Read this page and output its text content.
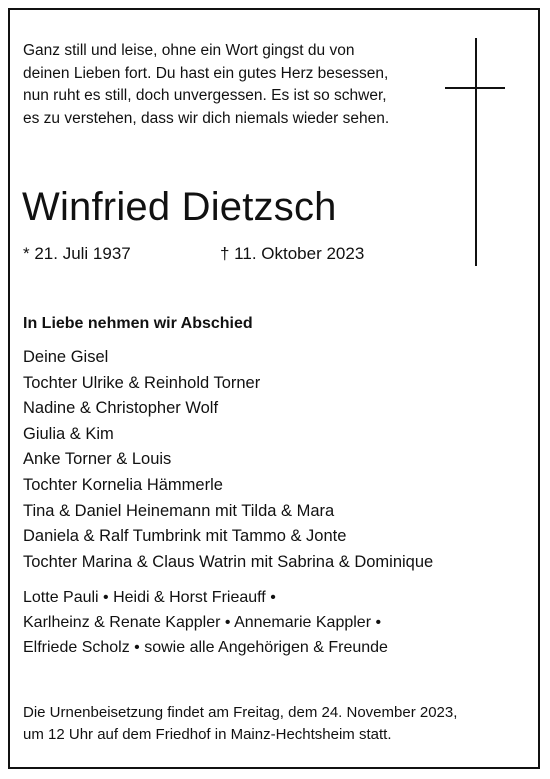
Ganz still und leise, ohne ein Wort gingst du von
deinen Lieben fort. Du hast ein gutes Herz besessen,
nun ruht es still, doch unvergessen. Es ist so schwer,
es zu verstehen, dass wir dich niemals wieder sehen.
Winfried Dietzsch
* 21. Juli 1937	† 11. Oktober 2023
In Liebe nehmen wir Abschied
Deine Gisel
Tochter Ulrike & Reinhold Torner
Nadine & Christopher Wolf
Giulia & Kim
Anke Torner & Louis
Tochter Kornelia Hämmerle
Tina & Daniel Heinemann mit Tilda & Mara
Daniela & Ralf Tumbrink mit Tammo & Jonte
Tochter Marina & Claus Watrin mit Sabrina & Dominique
Lotte Pauli • Heidi & Horst Frieauff •
Karlheinz & Renate Kappler • Annemarie Kappler •
Elfriede Scholz • sowie alle Angehörigen & Freunde
Die Urnenbeisetzung findet am Freitag, dem 24. November 2023,
um 12 Uhr auf dem Friedhof in Mainz-Hechtsheim statt.
